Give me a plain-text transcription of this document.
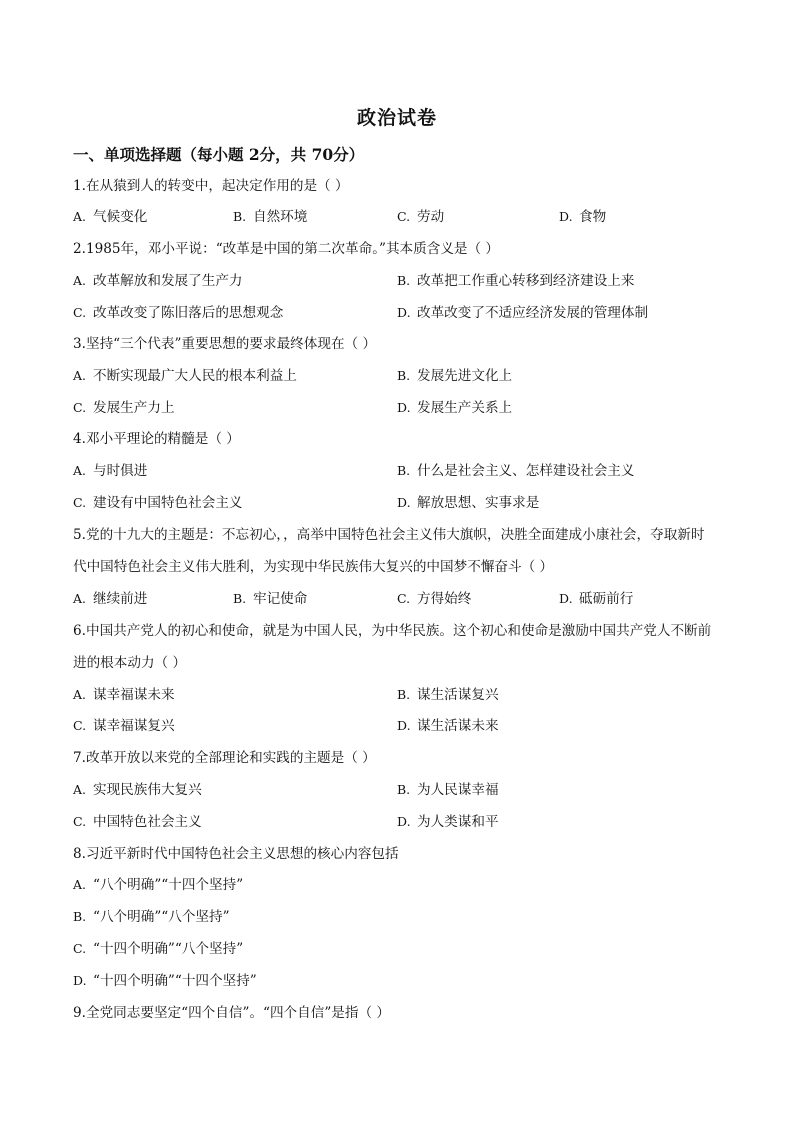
政治试卷
一、单项选择题（每小题 2分，共 70分）
1.在从猿到人的转变中，起决定作用的是（ ）
A. 气候变化	B. 自然环境	C. 劳动	D. 食物
2.1985年，邓小平说：“改革是中国的第二次革命。”其本质含义是（ ）
A. 改革解放和发展了生产力	B. 改革把工作重心转移到经济建设上来
C. 改革改变了陈旧落后的思想观念	D. 改革改变了不适应经济发展的管理体制
3.坚持“三个代表”重要思想的要求最终体现在（ ）
A. 不断实现最广大人民的根本利益上	B. 发展先进文化上
C. 发展生产力上	D. 发展生产关系上
4.邓小平理论的精髓是（ ）
A. 与时俱进	B. 什么是社会主义、怎样建设社会主义
C. 建设有中国特色社会主义	D. 解放思想、实事求是
5.党的十九大的主题是：不忘初心，，高举中国特色社会主义伟大旗帜，决胜全面建成小康社会，夺取新时
代中国特色社会主义伟大胜利，为实现中华民族伟大复兴的中国梦不懈奋斗（ ）
A. 继续前进	B. 牢记使命	C. 方得始终	D. 砥砺前行
6.中国共产党人的初心和使命，就是为中国人民，为中华民族。这个初心和使命是激励中国共产党人不断前
进的根本动力（ ）
A. 谋幸福谋未来	B. 谋生活谋复兴
C. 谋幸福谋复兴	D. 谋生活谋未来
7.改革开放以来党的全部理论和实践的主题是（ ）
A. 实现民族伟大复兴	B. 为人民谋幸福
C. 中国特色社会主义	D. 为人类谋和平
8.习近平新时代中国特色社会主义思想的核心内容包括
A. “八个明确”“十四个坚持”
B. “八个明确”“八个坚持”
C. “十四个明确”“八个坚持”
D. “十四个明确”“十四个坚持”
9.全党同志要坚定“四个自信”。“四个自信”是指（ ）
